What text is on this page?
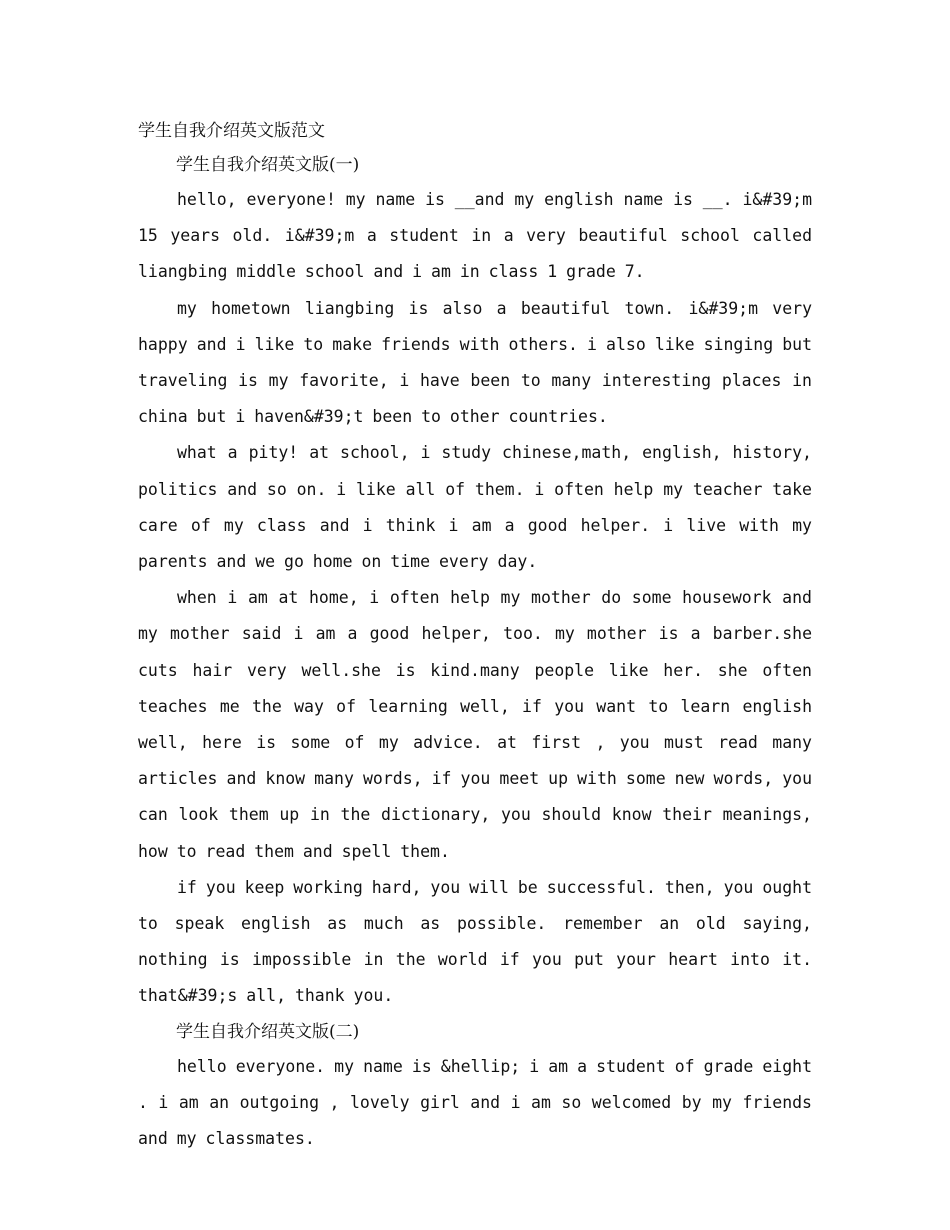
学生自我介绍英文版范文
学生自我介绍英文版(一)

hello, everyone! my name is __and my english name is __. i&#39;m 15 years old. i&#39;m a student in a very beautiful school called liangbing middle school and i am in class 1 grade 7.

my hometown liangbing is also a beautiful town. i&#39;m very happy and i like to make friends with others. i also like singing but traveling is my favorite, i have been to many interesting places in china but i haven&#39;t been to other countries.

what a pity! at school, i study chinese,math, english, history, politics and so on. i like all of them. i often help my teacher take care of my class and i think i am a good helper. i live with my parents and we go home on time every day.

when i am at home, i often help my mother do some housework and my mother said i am a good helper, too. my mother is a barber.she cuts hair very well.she is kind.many people like her. she often teaches me the way of learning well, if you want to learn english well, here is some of my advice. at first , you must read many articles and know many words, if you meet up with some new words, you can look them up in the dictionary, you should know their meanings, how to read them and spell them.

if you keep working hard, you will be successful. then, you ought to speak english as much as possible. remember an old saying, nothing is impossible in the world if you put your heart into it. that&#39;s all, thank you.

学生自我介绍英文版(二)

hello everyone. my name is &hellip; i am a student of grade eight . i am an outgoing , lovely girl and i am so welcomed by my friends and my classmates.
